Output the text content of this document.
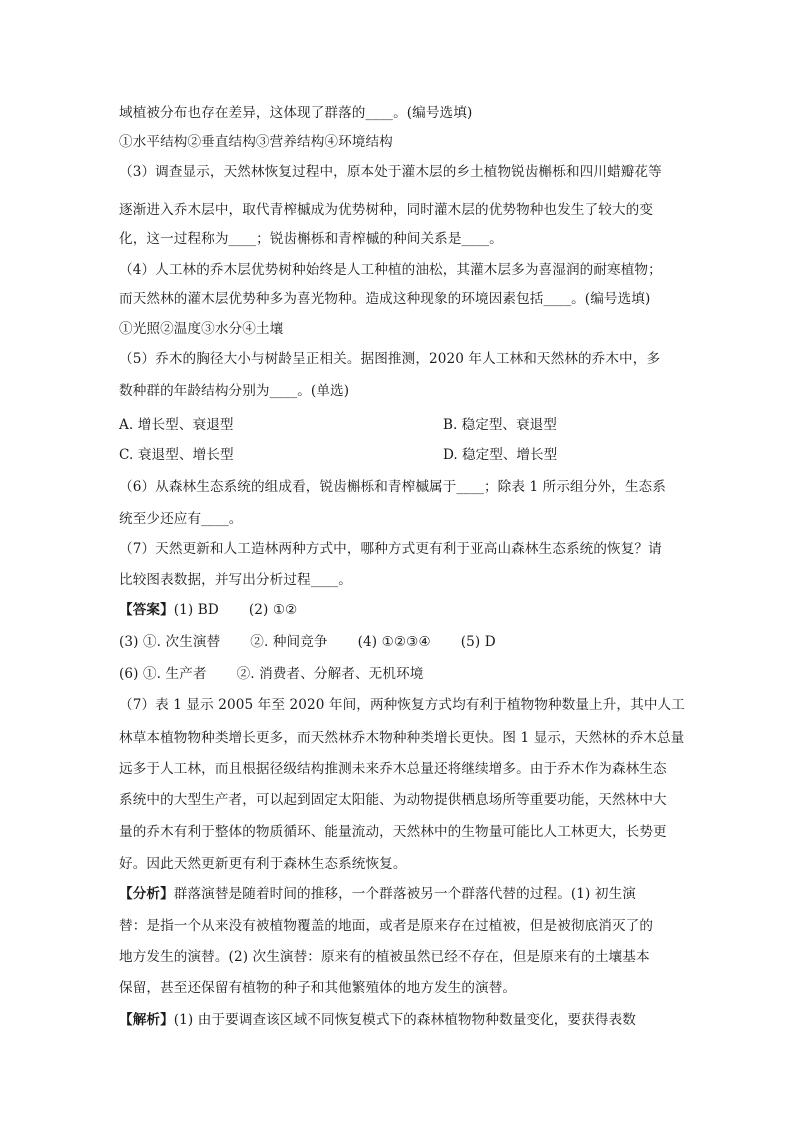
域植被分布也存在差异，这体现了群落的____。(编号选填)
①水平结构②垂直结构③营养结构④环境结构
（3）调查显示，天然林恢复过程中，原本处于灌木层的乡土植物锐齿槲栎和四川蜡瓣花等
逐渐进入乔木层中，取代青榨槭成为优势树种，同时灌木层的优势物种也发生了较大的变
化，这一过程称为____；锐齿槲栎和青榨槭的种间关系是____。
（4）人工林的乔木层优势树种始终是人工种植的油松，其灌木层多为喜湿润的耐寒植物；
而天然林的灌木层优势种多为喜光物种。造成这种现象的环境因素包括____。(编号选填)
①光照②温度③水分④土壤
（5）乔木的胸径大小与树龄呈正相关。据图推测，2020 年人工林和天然林的乔木中，多
数种群的年龄结构分别为____。(单选)
A. 增长型、衰退型	B. 稳定型、衰退型
C. 衰退型、增长型	D. 稳定型、增长型
（6）从森林生态系统的组成看，锐齿槲栎和青榨槭属于____；除表 1 所示组分外，生态系
统至少还应有____。
（7）天然更新和人工造林两种方式中，哪种方式更有利于亚高山森林生态系统的恢复？请
比较图表数据，并写出分析过程____。
【答案】(1) BD (2) ①②
(3) ①. 次生演替 ②. 种间竞争 (4) ①②③④ (5) D
(6) ①. 生产者 ②. 消费者、分解者、无机环境
（7）表 1 显示 2005 年至 2020 年间，两种恢复方式均有利于植物物种数量上升，其中人工
林草本植物物种类增长更多，而天然林乔木物种种类增长更快。图 1 显示，天然林的乔木总量
远多于人工林，而且根据径级结构推测未来乔木总量还将继续增多。由于乔木作为森林生态
系统中的大型生产者，可以起到固定太阳能、为动物提供栖息场所等重要功能，天然林中大
量的乔木有利于整体的物质循环、能量流动，天然林中的生物量可能比人工林更大，长势更
好。因此天然更新更有利于森林生态系统恢复。
【分析】群落演替是随着时间的推移，一个群落被另一个群落代替的过程。(1) 初生演
替：是指一个从来没有被植物覆盖的地面，或者是原来存在过植被，但是被彻底消灭了的
地方发生的演替。(2) 次生演替：原来有的植被虽然已经不存在，但是原来有的土壤基本
保留，甚至还保留有植物的种子和其他繁殖体的地方发生的演替。
【解析】(1) 由于要调查该区域不同恢复模式下的森林植物物种数量变化，要获得表数
